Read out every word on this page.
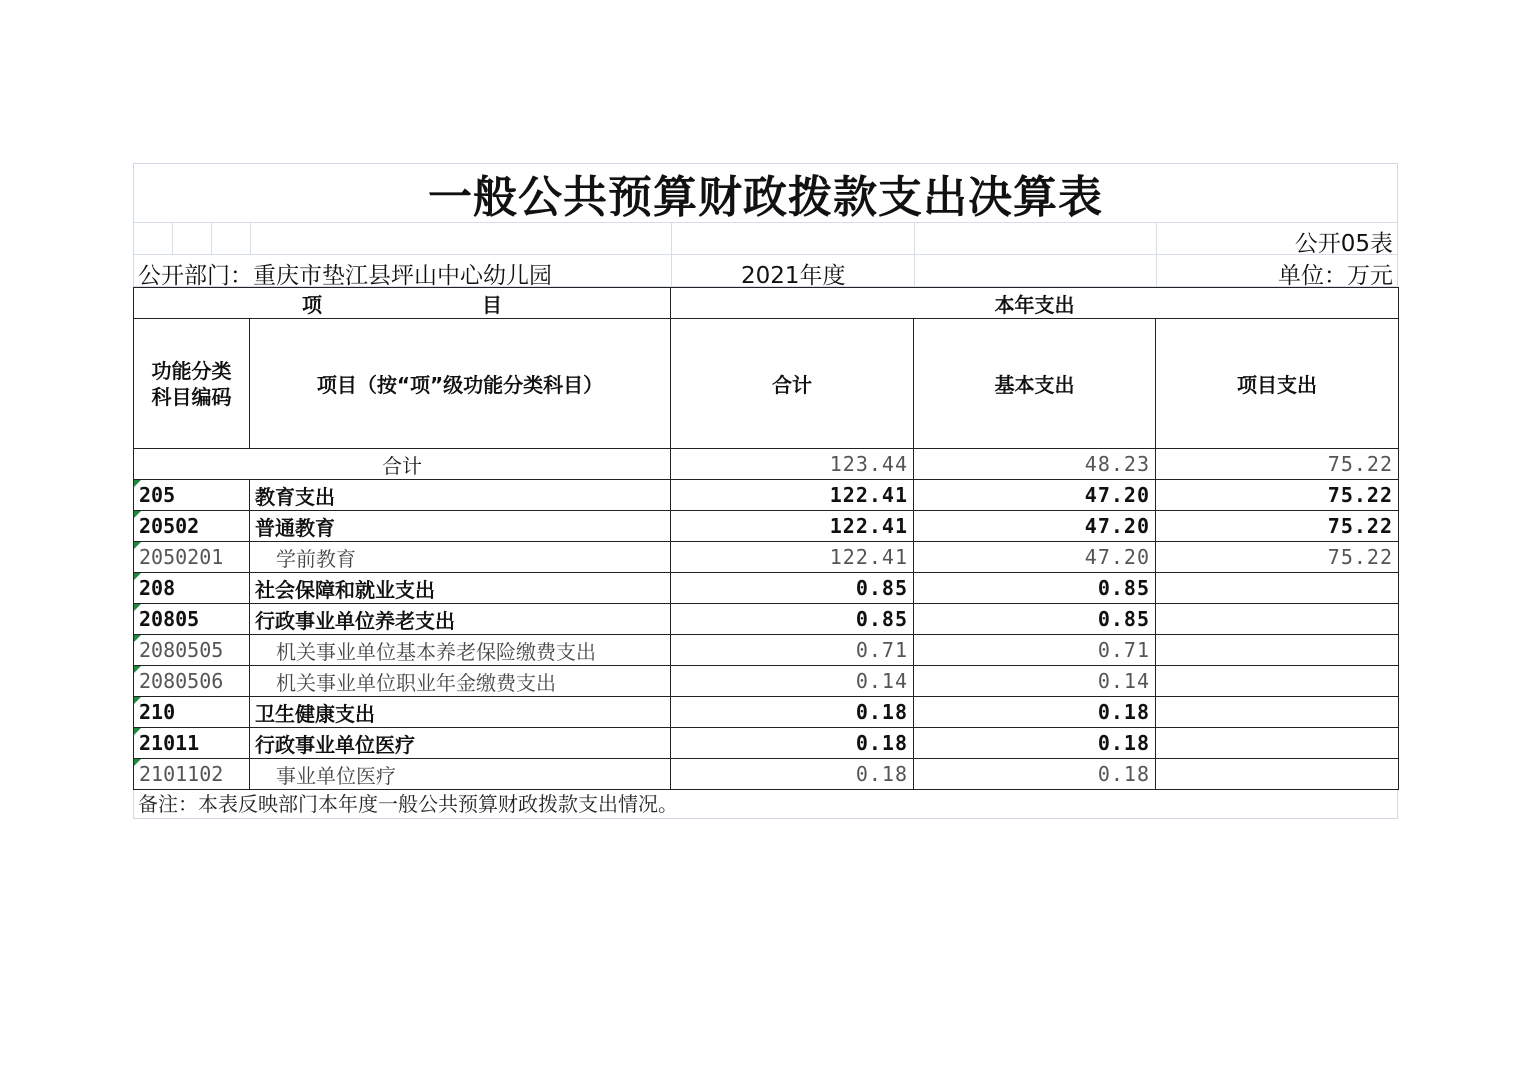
一般公共预算财政拨款支出决算表
公开05表
公开部门：重庆市垫江县坪山中心幼儿园	2021年度	单位：万元
项　　　　　　　　目		本年支出		
功能分类
科目编码	项目（按“项”级功能分类科目）	合计	基本支出	项目支出
合计		123.44	48.23	75.22
205	教育支出	122.41	47.20	75.22
20502	普通教育	122.41	47.20	75.22
2050201	学前教育	122.41	47.20	75.22
208	社会保障和就业支出	0.85	0.85	
20805	行政事业单位养老支出	0.85	0.85	
2080505	机关事业单位基本养老保险缴费支出	0.71	0.71	
2080506	机关事业单位职业年金缴费支出	0.14	0.14	
210	卫生健康支出	0.18	0.18	
21011	行政事业单位医疗	0.18	0.18	
2101102	事业单位医疗	0.18	0.18	
备注：本表反映部门本年度一般公共预算财政拨款支出情况。
